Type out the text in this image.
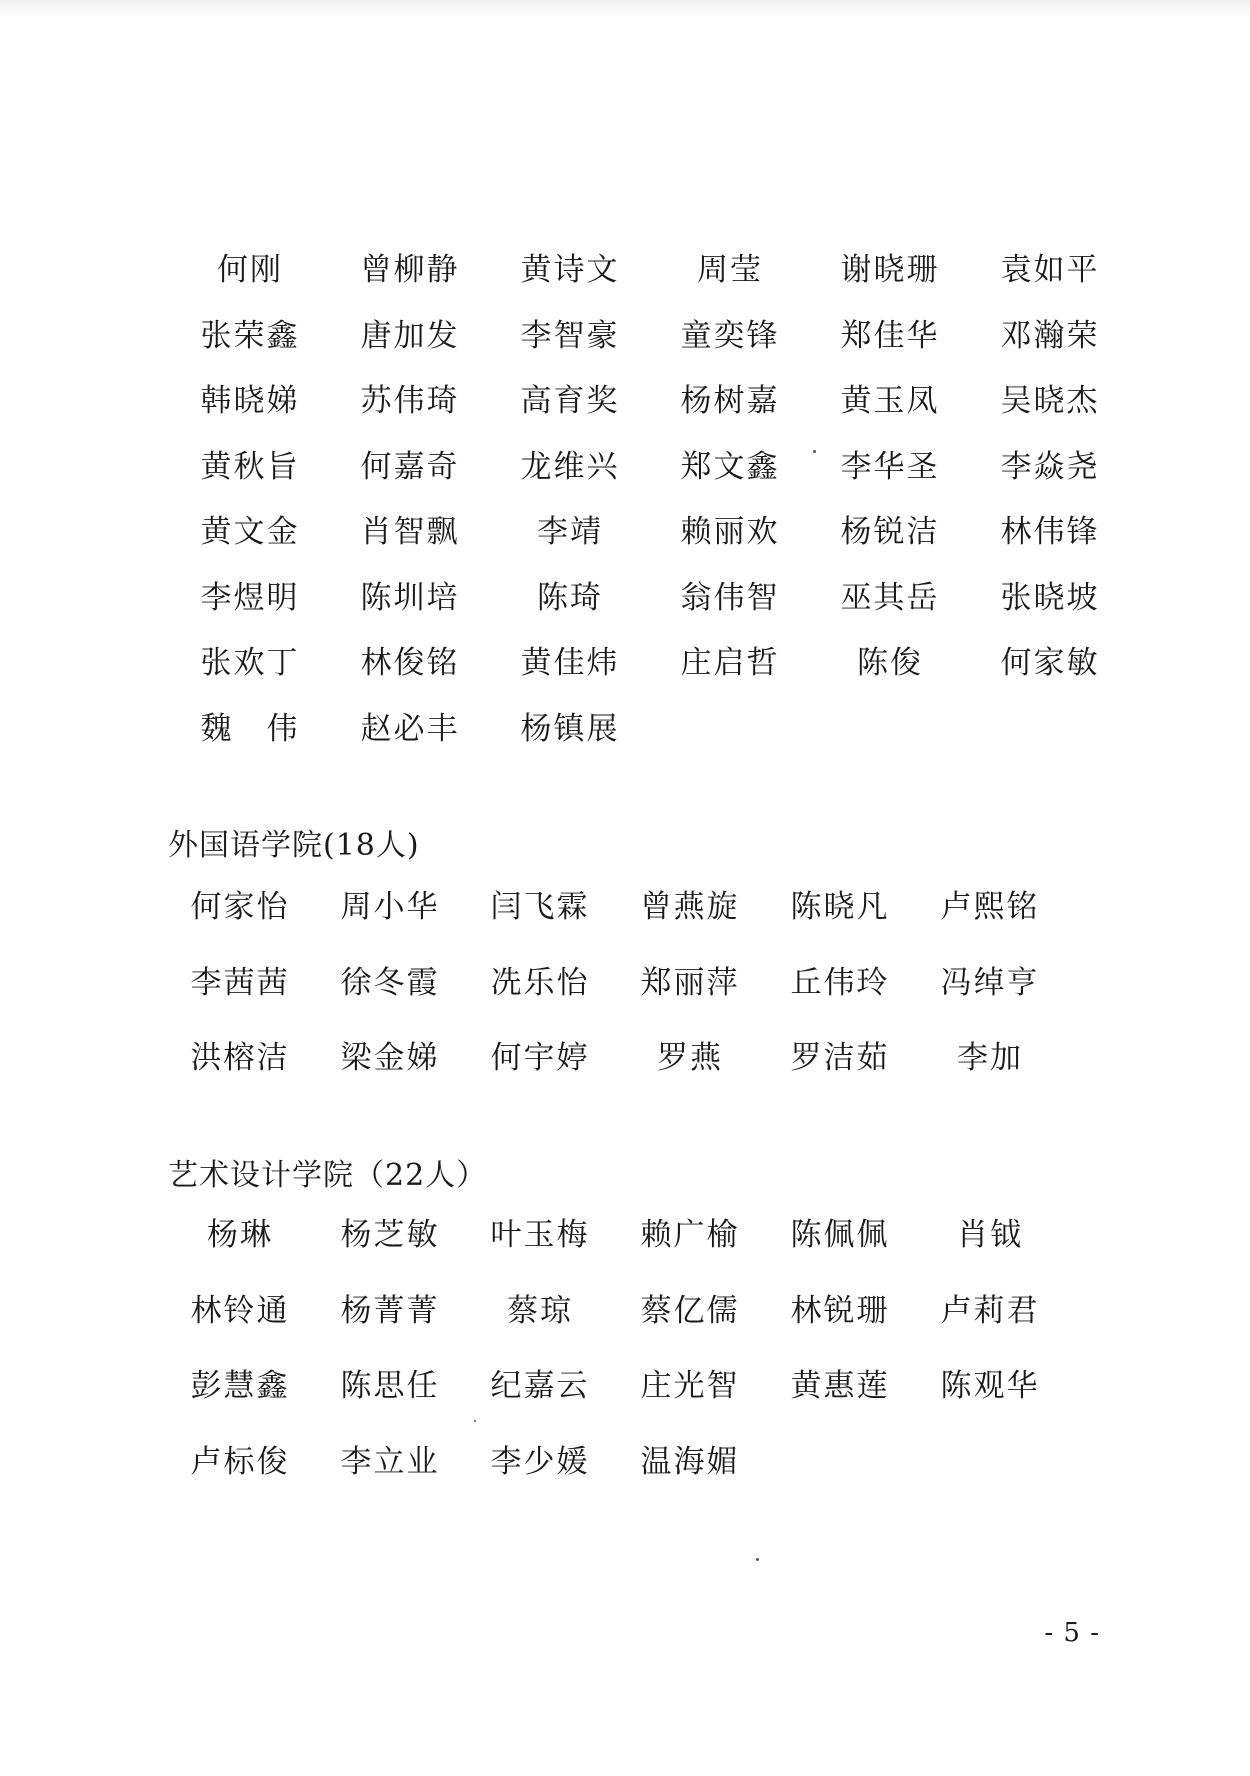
何刚	曾柳静	黄诗文	周莹	谢晓珊	袁如平
张荣鑫	唐加发	李智豪	童奕锋	郑佳华	邓瀚荣
韩晓娣	苏伟琦	高育奖	杨树嘉	黄玉凤	吴晓杰
黄秋旨	何嘉奇	龙维兴	郑文鑫	李华圣	李焱尧
黄文金	肖智飘	李靖	赖丽欢	杨锐洁	林伟锋
李煜明	陈圳培	陈琦	翁伟智	巫其岳	张晓坡
张欢丁	林俊铭	黄佳炜	庄启哲	陈俊	何家敏
魏　伟	赵必丰	杨镇展
外国语学院(18人)
何家怡	周小华	闫飞霖	曾燕旋	陈晓凡	卢熙铭
李茜茜	徐冬霞	冼乐怡	郑丽萍	丘伟玲	冯绰亨
洪榕洁	梁金娣	何宇婷	罗燕	罗洁茹	李加
艺术设计学院（22人）
杨琳	杨芝敏	叶玉梅	赖广榆	陈佩佩	肖钺
林铃通	杨菁菁	蔡琼	蔡亿儒	林锐珊	卢莉君
彭慧鑫	陈思任	纪嘉云	庄光智	黄惠莲	陈观华
卢标俊	李立业	李少媛	温海媚
- 5 -
